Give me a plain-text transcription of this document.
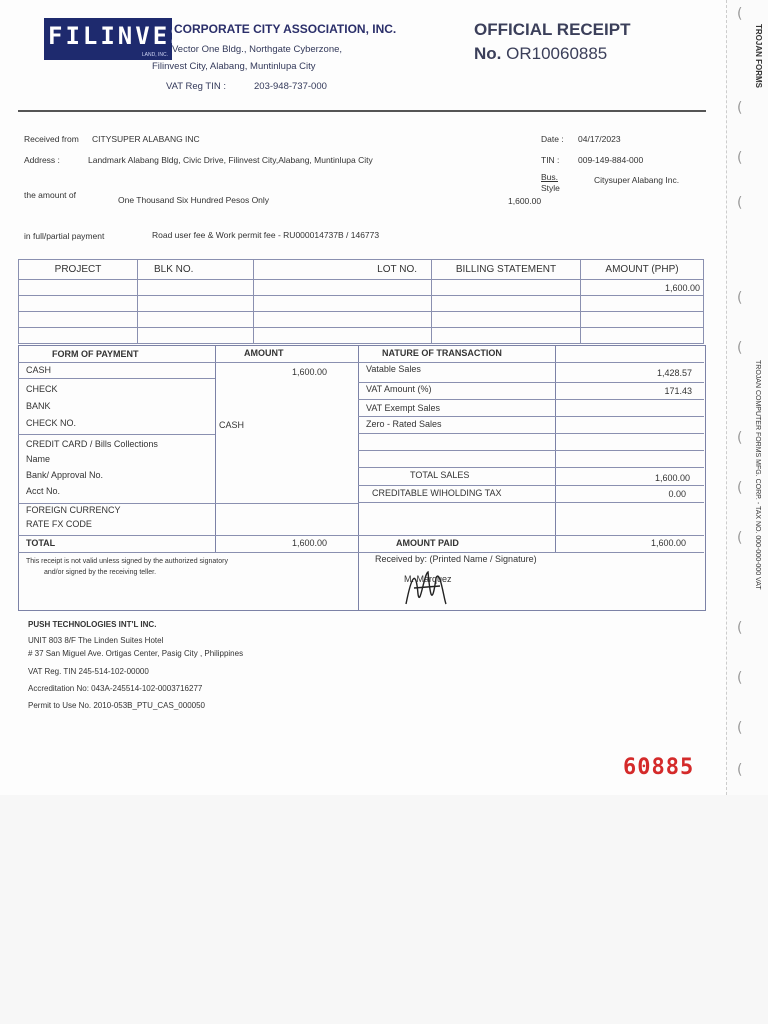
(
(
(
(
(
(
(
(
(
(
(
(
(
TROJAN FORMS
TROJAN COMPUTER FORMS MFG. CORP. - TAX NO. 000-000-000 VAT
FILINVEST
LAND, INC.
CORPORATE CITY ASSOCIATION, INC.
Vector One Bldg., Northgate Cyberzone,
Filinvest City, Alabang, Muntinlupa City
VAT Reg TIN :	203-948-737-000
OFFICIAL RECEIPT
No. OR10060885
Received from CITYSUPER ALABANG INC
Address :	Landmark Alabang Bldg, Civic Drive, Filinvest City,Alabang, Muntinlupa City
Date : 04/17/2023
TIN : 009-149-884-000
Bus.
Style
Citysuper Alabang Inc.
the amount of	One Thousand Six Hundred Pesos Only	1,600.00
in full/partial payment	Road user fee & Work permit fee - RU000014737B / 146773
PROJECT	BLK NO.	LOT NO.	BILLING STATEMENT	AMOUNT (PHP)
				1,600.00

FORM OF PAYMENT	AMOUNT	NATURE OF TRANSACTION
CASH	1,600.00
CHECK
BANK
CHECK NO.	CASH
CREDIT CARD / Bills Collections
Name
Bank/ Approval No.
Acct No.
FOREIGN CURRENCY
RATE FX CODE
TOTAL	1,600.00
Vatable Sales	1,428.57
VAT Amount (%)	171.43
VAT Exempt Sales
Zero - Rated Sales
TOTAL SALES	1,600.00
CREDITABLE WIHOLDING TAX	0.00
AMOUNT PAID	1,600.00
This receipt is not valid unless signed by the authorized signatory
and/or signed by the receiving teller.
Received by: (Printed Name / Signature)
M. Marquez
PUSH TECHNOLOGIES INT'L INC.
UNIT 803 8/F The Linden Suites Hotel
# 37 San Miguel Ave. Ortigas Center, Pasig City , Philippines
VAT Reg. TIN 245-514-102-00000
Accreditation No: 043A-245514-102-0003716277
Permit to Use No. 2010-053B_PTU_CAS_000050
60885
